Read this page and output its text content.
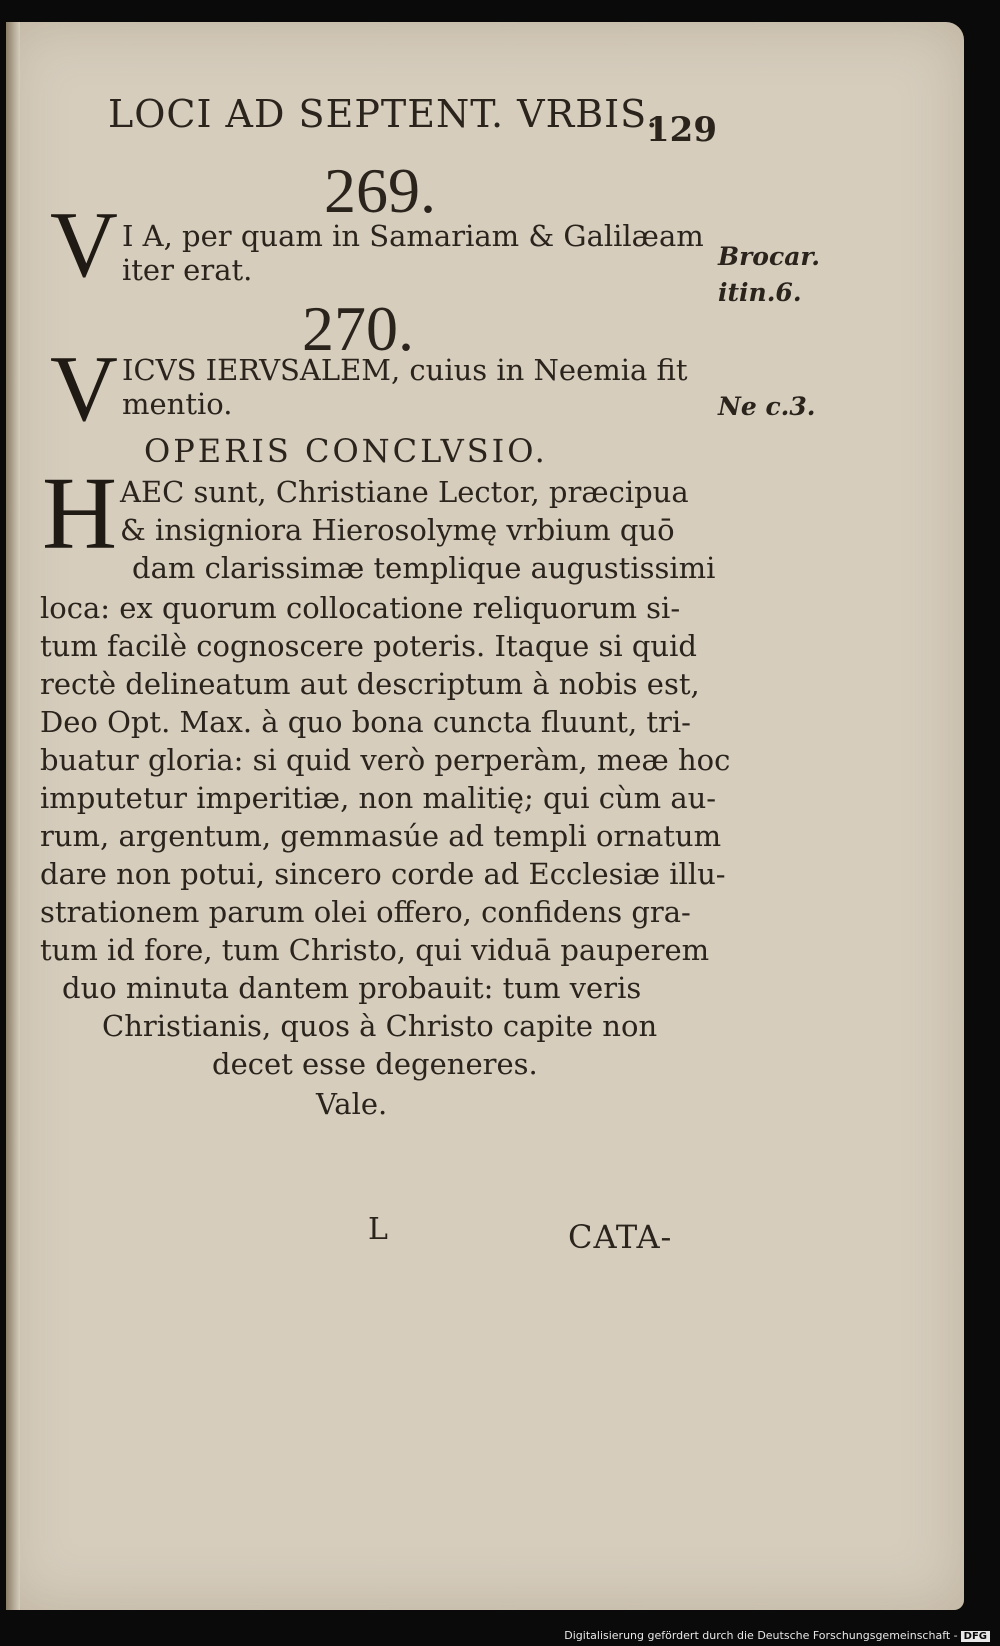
LOCI AD SEPTENT. VRBIS.
129
269.
V I A, per quam in Samariam & Galilæam
iter erat.	Brocar.
itin.6.
270.
V ICVS IERVSALEM, cuius in Neemia fit
mentio.	Ne c.3.
OPERIS CONCLVSIO.
H AEC sunt, Christiane Lector, præcipua
& insigniora Hierosolymę vrbium quō
dam clarissimæ templique augustissimi
loca: ex quorum collocatione reliquorum si-
tum facilè cognoscere poteris. Itaque si quid
rectè delineatum aut descriptum à nobis est,
Deo Opt. Max. à quo bona cuncta fluunt, tri-
buatur gloria: si quid verò perperàm, meæ hoc
imputetur imperitiæ, non malitię; qui cùm au-
rum, argentum, gemmasúe ad templi ornatum
dare non potui, sincero corde ad Ecclesiæ illu-
strationem parum olei offero, confidens gra-
tum id fore, tum Christo, qui viduā pauperem
duo minuta dantem probauit: tum veris
Christianis, quos à Christo capite non
decet esse degeneres.
Vale.
L	CATA-
Digitalisierung gefördert durch die Deutsche Forschungsgemeinschaft - DFG
